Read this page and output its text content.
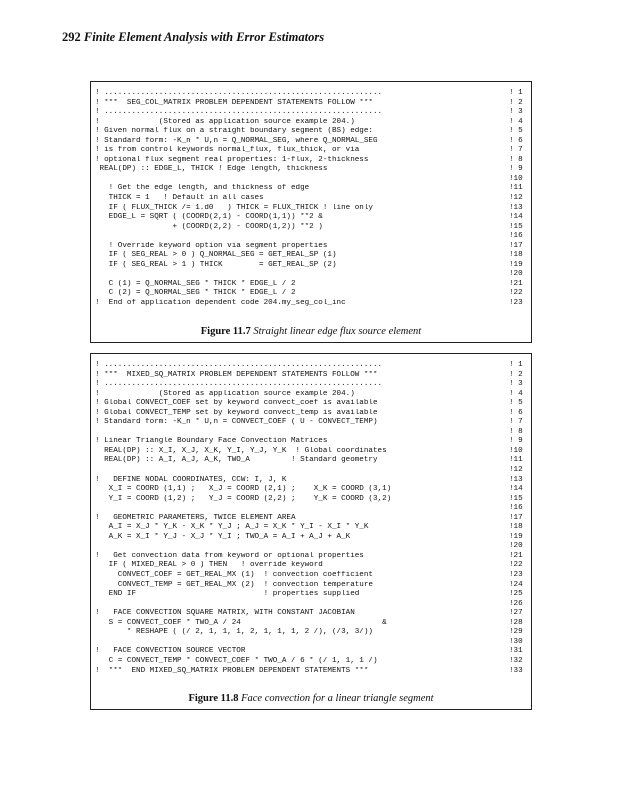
292 Finite Element Analysis with Error Estimators
! .............................................................	! 1
! ***  SEG_COL_MATRIX PROBLEM DEPENDENT STATEMENTS FOLLOW ***	! 2
! .............................................................	! 3
!             (Stored as application source example 204.)	! 4
! Given normal flux on a straight boundary segment (BS) edge:	! 5
! Standard form: -K_n * U,n = Q_NORMAL_SEG, where Q_NORMAL_SEG	! 6
! is from control keywords normal_flux, flux_thick, or via	! 7
! optional flux segment real properties: 1-flux, 2-thickness	! 8
REAL(DP) :: EDGE_L, THICK ! Edge length, thickness	! 9
!10
! Get the edge length, and thickness of edge	!11
THICK = 1   ! Default in all cases	!12
IF ( FLUX_THICK /= 1.d0   ) THICK = FLUX_THICK ! line only	!13
EDGE_L = SQRT ( (COORD(2,1) - COORD(1,1)) **2 &	!14
+ (COORD(2,2) - COORD(1,2)) **2 )	!15
!16
! Override keyword option via segment properties	!17
IF ( SEG_REAL > 0 ) Q_NORMAL_SEG = GET_REAL_SP (1)	!18
IF ( SEG_REAL > 1 ) THICK        = GET_REAL_SP (2)	!19
!20
C (1) = Q_NORMAL_SEG * THICK * EDGE_L / 2	!21
C (2) = Q_NORMAL_SEG * THICK * EDGE_L / 2	!22
!  End of application dependent code 204.my_seg_col_inc	!23
Figure 11.7 Straight linear edge flux source element
! .............................................................	! 1
! ***  MIXED_SQ_MATRIX PROBLEM DEPENDENT STATEMENTS FOLLOW ***	! 2
! .............................................................	! 3
!             (Stored as application source example 204.)	! 4
! Global CONVECT_COEF set by keyword convect_coef is available	! 5
! Global CONVECT_TEMP set by keyword convect_temp is available	! 6
! Standard form: -K_n * U,n = CONVECT_COEF ( U - CONVECT_TEMP)	! 7
! 8
! Linear Triangle Boundary Face Convection Matrices	! 9
REAL(DP) :: X_I, X_J, X_K, Y_I, Y_J, Y_K  ! Global coordinates	!10
REAL(DP) :: A_I, A_J, A_K, TWO_A         ! Standard geometry	!11
!12
!   DEFINE NODAL COORDINATES, CCW: I, J, K	!13
X_I = COORD (1,1) ;   X_J = COORD (2,1) ;    X_K = COORD (3,1)	!14
Y_I = COORD (1,2) ;   Y_J = COORD (2,2) ;    Y_K = COORD (3,2)	!15
!16
!   GEOMETRIC PARAMETERS, TWICE ELEMENT AREA	!17
A_I = X_J * Y_K - X_K * Y_J ; A_J = X_K * Y_I - X_I * Y_K	!18
A_K = X_I * Y_J - X_J * Y_I ; TWO_A = A_I + A_J + A_K	!19
!20
!   Get convection data from keyword or optional properties	!21
IF ( MIXED_REAL > 0 ) THEN   ! override keyword	!22
CONVECT_COEF = GET_REAL_MX (1)  ! convection coefficient	!23
CONVECT_TEMP = GET_REAL_MX (2)  ! convection temperature	!24
END IF                            ! properties supplied	!25
!26
!   FACE CONVECTION SQUARE MATRIX, WITH CONSTANT JACOBIAN	!27
S = CONVECT_COEF * TWO_A / 24                               &	!28
* RESHAPE ( (/ 2, 1, 1, 1, 2, 1, 1, 1, 2 /), (/3, 3/))	!29
!30
!   FACE CONVECTION SOURCE VECTOR	!31
C = CONVECT_TEMP * CONVECT_COEF * TWO_A / 6 * (/ 1, 1, 1 /)	!32
!  ***  END MIXED_SQ_MATRIX PROBLEM DEPENDENT STATEMENTS ***	!33
Figure 11.8 Face convection for a linear triangle segment
